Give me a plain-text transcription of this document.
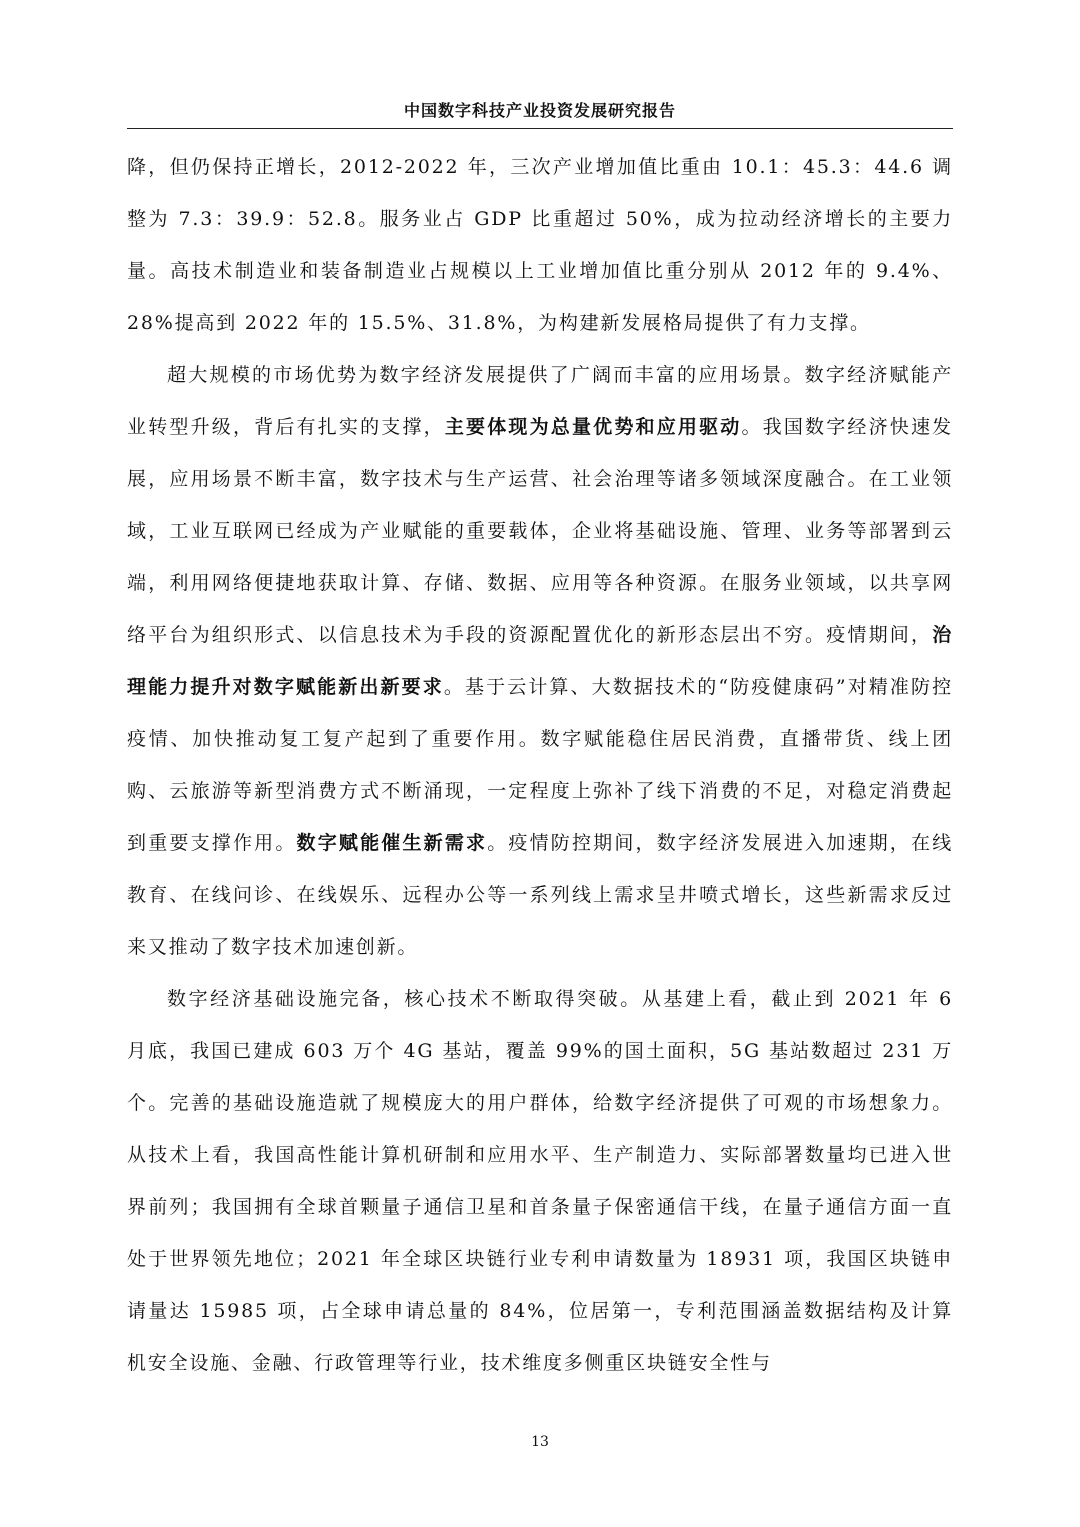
中国数字科技产业投资发展研究报告

降，但仍保持正增长，2012-2022 年，三次产业增加值比重由 10.1：45.3：44.6 调整为 7.3：39.9：52.8。服务业占 GDP 比重超过 50%，成为拉动经济增长的主要力量。高技术制造业和装备制造业占规模以上工业增加值比重分别从 2012 年的 9.4%、28%提高到 2022 年的 15.5%、31.8%，为构建新发展格局提供了有力支撑。

超大规模的市场优势为数字经济发展提供了广阔而丰富的应用场景。数字经济赋能产业转型升级，背后有扎实的支撑，主要体现为总量优势和应用驱动。我国数字经济快速发展，应用场景不断丰富，数字技术与生产运营、社会治理等诸多领域深度融合。在工业领域，工业互联网已经成为产业赋能的重要载体，企业将基础设施、管理、业务等部署到云端，利用网络便捷地获取计算、存储、数据、应用等各种资源。在服务业领域，以共享网络平台为组织形式、以信息技术为手段的资源配置优化的新形态层出不穷。疫情期间，治理能力提升对数字赋能新出新要求。基于云计算、大数据技术的“防疫健康码”对精准防控疫情、加快推动复工复产起到了重要作用。数字赋能稳住居民消费，直播带货、线上团购、云旅游等新型消费方式不断涌现，一定程度上弥补了线下消费的不足，对稳定消费起到重要支撑作用。数字赋能催生新需求。疫情防控期间，数字经济发展进入加速期，在线教育、在线问诊、在线娱乐、远程办公等一系列线上需求呈井喷式增长，这些新需求反过来又推动了数字技术加速创新。

数字经济基础设施完备，核心技术不断取得突破。从基建上看，截止到 2021 年 6 月底，我国已建成 603 万个 4G 基站，覆盖 99%的国土面积，5G 基站数超过 231 万个。完善的基础设施造就了规模庞大的用户群体，给数字经济提供了可观的市场想象力。从技术上看，我国高性能计算机研制和应用水平、生产制造力、实际部署数量均已进入世界前列；我国拥有全球首颗量子通信卫星和首条量子保密通信干线，在量子通信方面一直处于世界领先地位；2021 年全球区块链行业专利申请数量为 18931 项，我国区块链申请量达 15985 项，占全球申请总量的 84%，位居第一，专利范围涵盖数据结构及计算机安全设施、金融、行政管理等行业，技术维度多侧重区块链安全性与

13
